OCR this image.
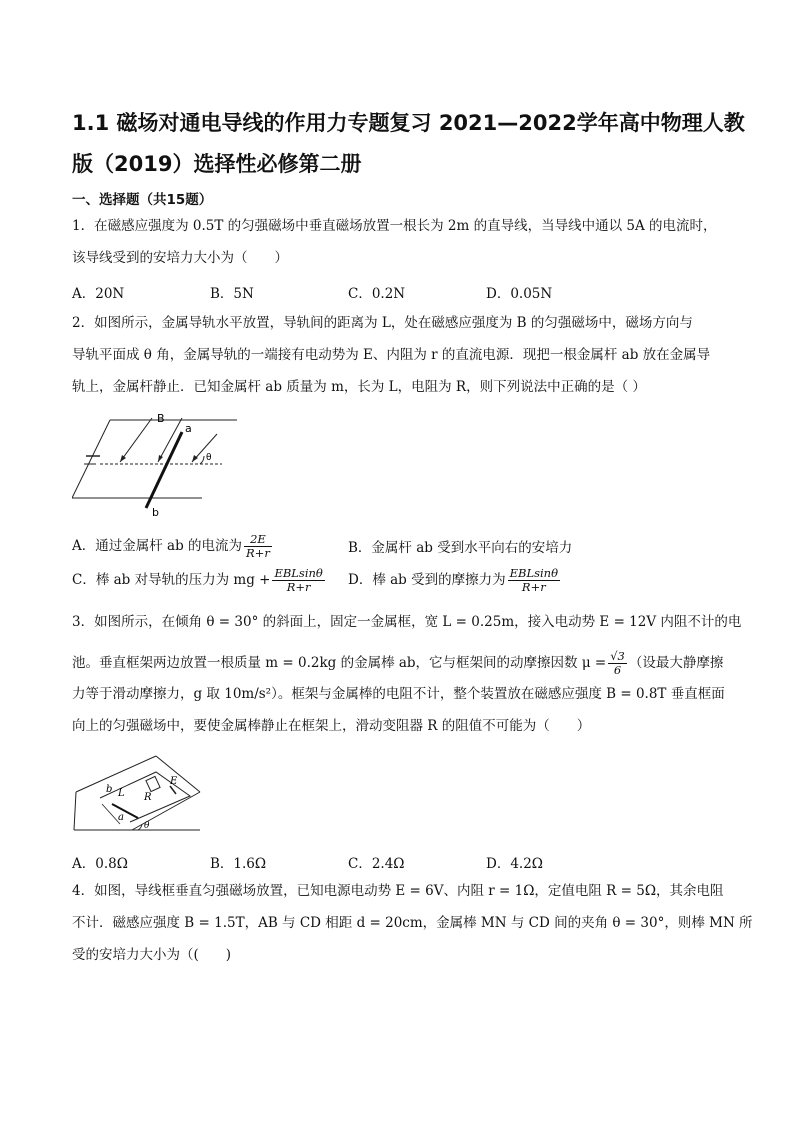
1.1 磁场对通电导线的作用力专题复习 2021—2022学年高中物理人教
版（2019）选择性必修第二册
一、选择题（共15题）
1．在磁感应强度为 0.5T 的匀强磁场中垂直磁场放置一根长为 2m 的直导线，当导线中通以 5A 的电流时，
该导线受到的安培力大小为（　　）
A．20N	B．5N	C．0.2N	D．0.05N
2．如图所示，金属导轨水平放置，导轨间的距离为 L，处在磁感应强度为 B 的匀强磁场中，磁场方向与
导轨平面成 θ 角，金属导轨的一端接有电动势为 E、内阻为 r 的直流电源．现把一根金属杆 ab 放在金属导
轨上，金属杆静止．已知金属杆 ab 质量为 m，长为 L，电阻为 R，则下列说法中正确的是（ ）
B
a
b
θ
A．通过金属杆 ab 的电流为 $\frac{2E}{R+r}$	B．金属杆 ab 受到水平向右的安培力
C．棒 ab 对导轨的压力为 mg + $\frac{\text{EBLsinθ}}{R+r}$ D．棒 ab 受到的摩擦力为 $\frac{\text{EBLsinθ}}{R+r}$
3．如图所示，在倾角 θ = 30° 的斜面上，固定一金属框，宽 L = 0.25m，接入电动势 E = 12V 内阻不计的电
池。垂直框架两边放置一根质量 m = 0.2kg 的金属棒 ab，它与框架间的动摩擦因数 $\mu = \frac{√3}{6}$ （设最大静摩擦
力等于滑动摩擦力，g 取 10m/s²）。框架与金属棒的电阻不计，整个装置放在磁感应强度 B = 0.8T 垂直框面
向上的匀强磁场中，要使金属棒静止在框架上，滑动变阻器 R 的阻值不可能为（　　）
b L R
E
a
θ
A．0.8Ω	B．1.6Ω	C．2.4Ω	D．4.2Ω
4．如图，导线框垂直匀强磁场放置，已知电源电动势 E = 6V、内阻 r = 1Ω，定值电阻 R = 5Ω，其余电阻
不计．磁感应强度 B = 1.5T，AB 与 CD 相距 d = 20cm，金属棒 MN 与 CD 间的夹角 θ = 30°，则棒 MN 所
受的安培力大小为（(　　)
